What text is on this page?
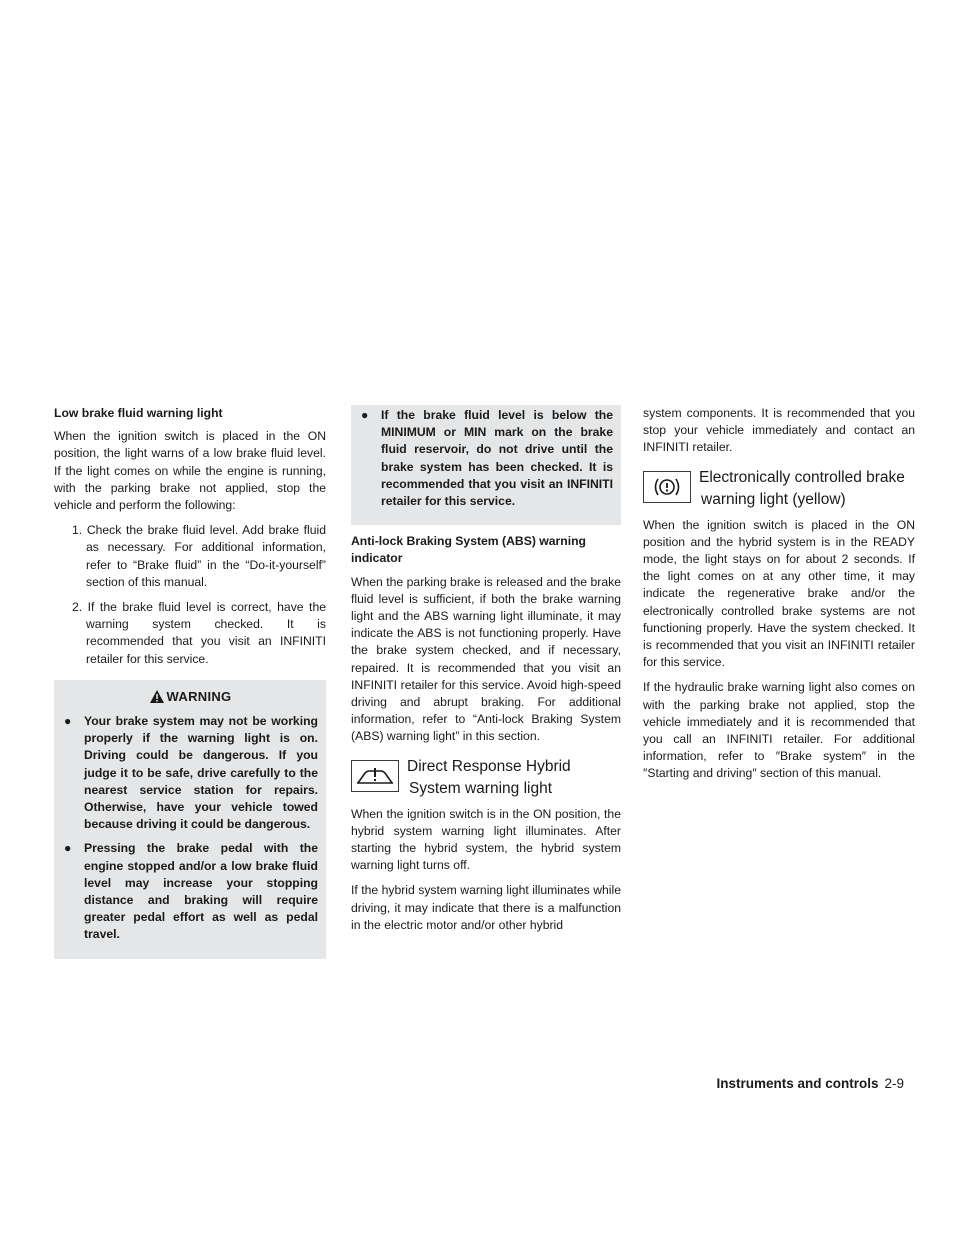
Low brake fluid warning light

When the ignition switch is placed in the ON position, the light warns of a low brake fluid level. If the light comes on while the engine is running, with the parking brake not applied, stop the vehicle and perform the following:

1. Check the brake fluid level. Add brake fluid as necessary. For additional information, refer to “Brake fluid” in the “Do-it-yourself” section of this manual.
2. If the brake fluid level is correct, have the warning system checked. It is recommended that you visit an INFINITI retailer for this service.
WARNING
●	Your brake system may not be working properly if the warning light is on. Driving could be dangerous. If you judge it to be safe, drive carefully to the nearest service station for repairs. Otherwise, have your vehicle towed because driving it could be dangerous.
●	Pressing the brake pedal with the engine stopped and/or a low brake fluid level may increase your stopping distance and braking will require greater pedal effort as well as pedal travel.
●	If the brake fluid level is below the MINIMUM or MIN mark on the brake fluid reservoir, do not drive until the brake system has been checked. It is recommended that you visit an INFINITI retailer for this service.

Anti-lock Braking System (ABS) warning indicator

When the parking brake is released and the brake fluid level is sufficient, if both the brake warning light and the ABS warning light illuminate, it may indicate the ABS is not functioning properly. Have the brake system checked, and if necessary, repaired. It is recommended that you visit an INFINITI retailer for this service. Avoid high-speed driving and abrupt braking. For additional information, refer to “Anti-lock Braking System (ABS) warning light” in this section.

Direct Response Hybrid
System warning light

When the ignition switch is in the ON position, the hybrid system warning light illuminates. After starting the hybrid system, the hybrid system warning light turns off.

If the hybrid system warning light illuminates while driving, it may indicate that there is a malfunction in the electric motor and/or other hybrid

system components. It is recommended that you stop your vehicle immediately and contact an INFINITI retailer.

Electronically controlled brake
warning light (yellow)

When the ignition switch is placed in the ON position and the hybrid system is in the READY mode, the light stays on for about 2 seconds. If the light comes on at any other time, it may indicate the regenerative brake and/or the electronically controlled brake systems are not functioning properly. Have the system checked. It is recommended that you visit an INFINITI retailer for this service.

If the hydraulic brake warning light also comes on with the parking brake not applied, stop the vehicle immediately and it is recommended that you call an INFINITI retailer. For additional information, refer to ″Brake system″ in the ″Starting and driving″ section of this manual.

Instruments and controls 2-9
